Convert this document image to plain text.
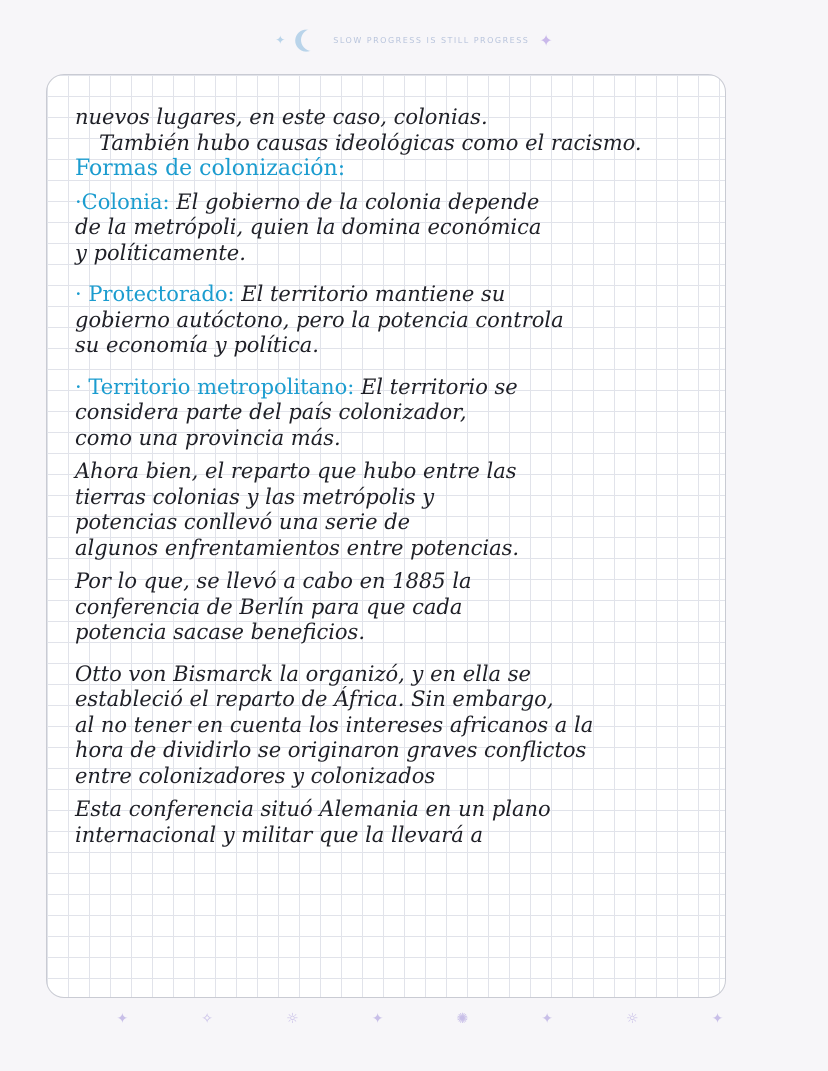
✦	SLOW PROGRESS IS STILL PROGRESS ✦
nuevos lugares, en este caso, colonias.
También hubo causas ideológicas como el racismo.
Formas de colonización:
·Colonia: El gobierno de la colonia depende
de la metrópoli, quien la domina económica
y políticamente.
· Protectorado: El territorio mantiene su
gobierno autóctono, pero la potencia controla
su economía y política.
· Territorio metropolitano: El territorio se
considera parte del país colonizador,
como una provincia más.
Ahora bien, el reparto que hubo entre las
tierras colonias y las metrópolis y
potencias conllevó una serie de
algunos enfrentamientos entre potencias.
Por lo que, se llevó a cabo en 1885 la
conferencia de Berlín para que cada
potencia sacase beneficios.
Otto von Bismarck la organizó, y en ella se
estableció el reparto de África. Sin embargo,
al no tener en cuenta los intereses africanos a la
hora de dividirlo se originaron graves conflictos
entre colonizadores y colonizados
Esta conferencia situó Alemania en un plano
internacional y militar que la llevará a
✦	✧	☼	✦	✺	✦	☼	✦
